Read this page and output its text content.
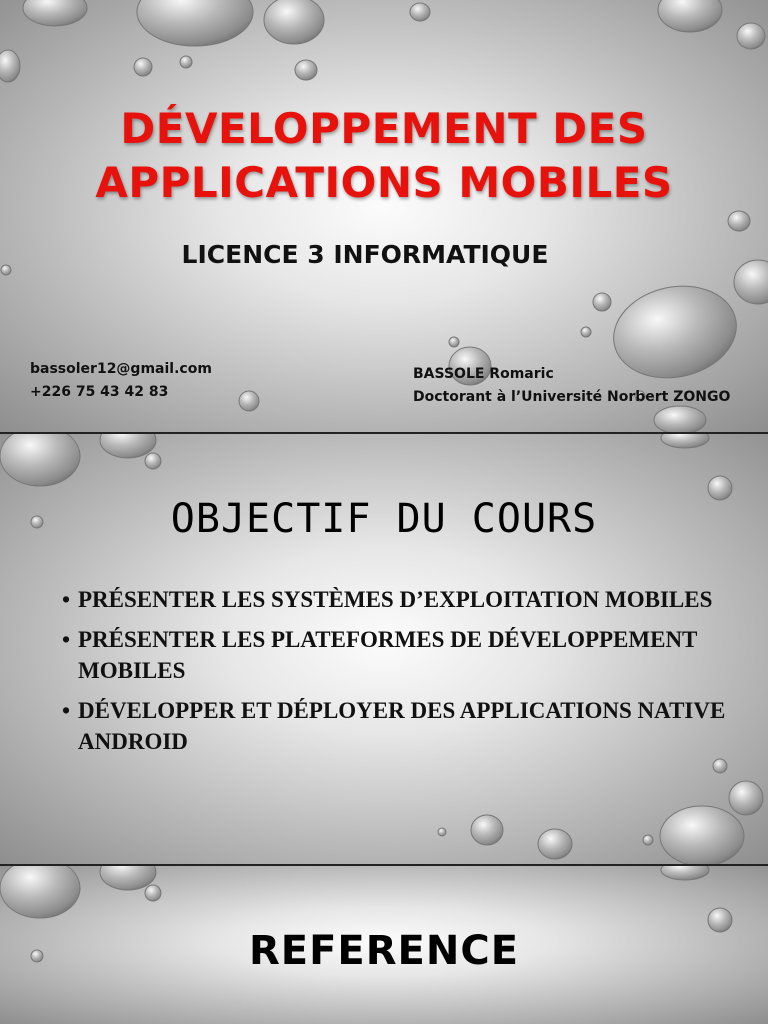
DÉVELOPPEMENT DES
APPLICATIONS MOBILES
LICENCE 3 INFORMATIQUE
bassoler12@gmail.com
+226 75 43 42 83
BASSOLE Romaric
Doctorant à l’Université Norbert ZONGO
OBJECTIF DU COURS
• PRÉSENTER LES SYSTÈMES D’EXPLOITATION MOBILES
• PRÉSENTER LES PLATEFORMES DE DÉVELOPPEMENT MOBILES
• DÉVELOPPER ET DÉPLOYER DES APPLICATIONS NATIVE ANDROID
REFERENCE
